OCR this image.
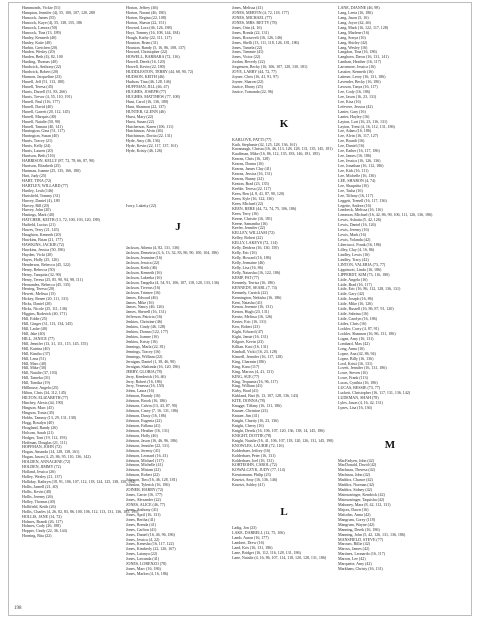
Hammonds, Vickie (51)
Hampton, Jennifer (4), 55, 100, 107, 120, 280
Hancock, James (55)
Hancock, Kaye (4), 55, 138, 155, 186
Hancock, Lenora (50)
Hancock, Tina (13, 189)
Hanley, Kenneth (40)
Hanley, Katie (40)
Harbin, Gretchen (20)
Harden, Wesley (20)
Harden, Beth (4), 82, 100
Harding, Thomas (40)
Hardwick, Anthony (22)
Hardwick, Robert (20)
Harmon, Jacqueline (23)
Harrell, Jeff (51, 113, 180)
Harrell, Teresa (45)
Harris, Darrell (51, 83, 266)
Harris, Trevor (4, 55, 110, 191)
Harrell, Paul (116, 177)
Harrell, David (40)
Harrell, Garrett (20, 112, 145)
Harrell, Marquis (40)
Harrell, Natalie (50, 90)
Harrell, Tamara (40, 141)
Harrington, Gina (51, 117)
Harrington, Susan (40)
Harris, Tracey (21)
Harris, Kelly (24)
Harris, Lauren (20)
Harrison, Beth (116)
HARRISON, KELLY (87, 72, 78, 66, 87, 90)
Harrison, Elizabeth (25)
Hartman, Joanne (25, 135, 166, 180)
Hart, Judy (25)
HART, TINA (72)
HARTLEY, WILLARD (77)
Hartley, Leah (146)
Hartsfield, Tommy (31)
Harvey, Daniel (4), 180
Harvey, Bill (20)
Harvey, John (20)
Hastings, Mark (40)
HATCHER, KEITH (13, 72, 100, 103, 120, 188)
Hatfield, Lucius (21)
Hawes, Terry (21, 145)
Haughton, Kenneth (20)
Hawkins, Brian (21, 177)
HAWKINS, JACKIE (72)
Hawkins, Jessica (50, 186)
Hayden, Vicki (20)
Hayes, Holly (25, 126)
Henderson, Rebecca (45, 122)
Henry, Rebecca (50)
Henry, Tanquita (32, 90)
Henry, Teresa (25, 85, 90, 94, 98, 111)
Hernandez, Rebecca (45, 135)
Herring, Teresa (20)
Hewett, Melissa (15)
Hickey, Renee (20, 111, 131)
Hicks, Daniel (20)
Hicks, Nicole (25, 111, 136)
Higgins, Roderick (40, 171)
Hill, Eddie (25)
Hill, Ginger (31, 113, 134, 145)
Hill, Lashe (40)
Hill, Jake (40)
HILL, JANICE (77)
Hill, Jennifer (13, 31, 111, 115, 145, 155)
Hill, Katrina (40)
Hill, Kimiko (37)
Hill, Lena (51)
Hill, Marc (40)
Hill, Mike (30)
Hill, Natalie (37, 103)
Hill, Tameka (31)
Hill, Tomika (19)
Hillhouse, Angela (25)
Hilton, Chris (34, 112, 145)
HILTON, ELIZABETH (77)
Hinchey, Alexis (44, 190)
Hingson, Marc (45)
Hingson, Tonia (45)
Hobbs, Tammy (13, 29, 131, 138)
Hogg, Rosalyn (40)
Hoagland, Randy (26)
Holcom, Sarah (21)
Hodges, Toni (19, 112, 193)
Hoffman, Douglas (21, 111)
HOFFMAN, JOHN (72)
Hogan, Amanda (14, 128, 138, 161)
Hogan, Jason (4, 25, 86, 95, 110, 136, 142)
HOLDEN, ANNAGENE (72)
HOLDEN, JIMMY (72)
Holland, Jessica (26)
Holley, Wesley (21, 137)
Holliday, Kathryn (18, 91, 106, 107, 112, 118, 124, 125, 138, 150, 194)
Hollis, Jarnell (21, 40)
Hollis, Kevin (40)
Hollis, Jeremy (26)
Holley, Thomas (40)
Hollifield, Keith (26)
Hollis, Charles (4, 26, 82, 83, 86, 100, 106, 112, 113, 131, 136, 185, 195)
HOLLIS, JANE (14, 72)
Holmes, Brandi (26, 117)
Holmes, Cody (26, 188)
Hopper, Cindy (22, 36, 144)
Horning, Rita (22)
Horton, Jeffrey (46)
Horton, Naomi (46, 180)
Horton, Regina (22, 108)
Horton, Shawn (22, 151)
Howard, Lora (46, 126, 188)
Hoyt, Tommy (16, 108, 144, 184)
Hough, Kathy (22, 111, 117)
Houston, Brian (31)
Houston, Randy (5, 16, 86, 108, 137)
Howard, Christopher (22)
HOWELL, BARBARA (72, 116)
Howell, Derek (16, 120)
Howell, Kevin (22, 180)
HUDDLESTON, TERRY (44, 68, 90, 72)
HUDSON, KEITH (46)
Hudson, Tina (46, 128, 146)
HUFFMAN, JILL (46, 47)
HUGHES, JOSEPH (77)
HUGHES, MATTHEW (77, 108)
Hunt, Carol (16, 136, 180)
Hunt, Shannon (22, 137)
HUNTER, GLENN (46)
Hurst, Mary (22)
Hurst, Susan (22)
Hutcherson, Karen (106, 111)
Hutchinson, Alvin (46)
Hutchinson, Dorita (22, 131)
Hyde, Amy (46, 136)
Hyde, Kevin (22, 117, 137, 161)
Hyde, Kristy (46, 126)
Ivory, Lakeity (22)
J
Jackson, Athena (4, 82, 131, 136)
Jackson, Demetria (4, 6, 13, 32, 83, 86, 90, 100, 104, 186)
Jackson, Jeannine (16)
Jackson, Jessica (22)
Jackson, Keith (46)
Jackson, Kenneth (16)
Jackson, Lakeeka (16)
Jackson, Tangelia (4, 54, 91, 106, 107, 118, 120, 133, 136)
Jackson, Tiverus (16)
Jackson, Trinnee (16)
James, Edward (46)
James, Mike (16)
James, Nancy (46, 126)
James, Sherrell (16, 131)
Jefferson, Patricia (16)
Jenkins, Christine (46)
Jenkins, Cindy (46, 128)
Jenkins, Donna (122, 177)
Jenkins, Joanne (16)
Jenkins, Kristy (16)
Jennings, Marla (22, 81)
Jennings, Tracey (16)
Jennings, William (22)
Jernigan, Daniel (1, 38, 46, 90)
Jernigan, Shalonda (16, 120, 186)
JERRY, GLORIA (78)
Jerry, Kenderick (16, 46)
Jerry, Robert (16, 186)
Jerry, Venessa (16, 150)
Johns, Laura (16)
Johnson, Brandy (16)
Johnson, Brook (16, 186)
Johnson, Calvin (13, 43, 87, 90)
Johnson, Casey (7, 16, 131, 186)
Johnson, Dusty (16, 186)
Johnson, Eugenia (22)
Johnson, Fallana (41)
Johnson, Heather (16, 131)
Johnson, Holly (46)
Johnson, Jason (16, 46, 96, 186)
Johnson, Jennifer (22, 131)
Johnson, Jeremy (41)
Johnson, Leonard (16, 41)
Johnson, Michael (117)
Johnson, Michelle (41)
Johnson, Miriam (22)
Johnson, Robert (22)
Johnson, Tim (16, 46, 128, 181)
Johnson, Tylerick (16, 186)
JOINER, HARRY (72)
Jones, Carrie (16, 177)
Jones, Alexander (22)
JONES, ALICE (46, 77)
Jones, Anthony (41)
Jones, April (16, 131)
Jones, Bertha (41)
Jones, Brenda (41)
Jones, Carlton (41)
Jones, Daniel (16, 46, 96, 186)
Jones, Jessica (4, 22)
Jones, Kenesha (16, 117, 122)
Jones, Kimberly (22, 126, 167)
Jones, Latanya (22)
Jones, Lawanda (41)
JONES, LORENZO (78)
Jones, Marc (16, 186)
Jones, Marlon (4, 16, 186)
Jones, Melissa (41)
JONES, MERVIN (4, 72, 118, 177)
JONES, MICHAEL (77)
JONES, MRS. BETTY (78)
Jones, Orin (4, 16)
Jones, Ronda (22, 131)
Jones, Roosevelt (16, 126, 146)
Jones, Shelli (13, 111, 118, 126, 181, 186)
Jones, Tamela (22)
Jones, Tammie (41)
Jones, Victor (22)
Jordan, Beverly (22)
Jorgensen, Becky (16, 106, 107, 120, 130, 181)
JOYE, LARRY (44, 72, 77)
Joyner, Chris (16, 41, 91, 97)
Joyner, Sharon (22)
Justice, Ebony (25)
Justice, Tomanda (22, 96)
K
KARLOVE, PATTI (77)
Kath, Stephanie (42, 125, 128, 136, 161)
Kavanaugh, Christa (16, 46, 113, 128, 128, 131, 135, 145, 181)
Kauffman, Mike (16, 86, 112, 135, 183, 146, 181, 185)
Kearns, Chris (16, 128)
Kearns, Donna (16)
Kearns, James Clay (41)
Kearns, Jessica (16, 131)
Kearns, Bunny (22)
Keaton, Brad (23, 135)
Keeble, Teresa (22, 117)
Keen, Ben (4, 8, 41, 87, 90, 120)
Keen, Kyle (16, 122, 136)
Keen, Michael (22)
KEEN, REBE (44, 72, 74, 75, 106, 186)
Keen, Terry (16)
Keene, Christie (16, 181)
Keene, Samantha (16)
Keefer, Jennifer (22)
KELLEY, WILLIAM (72)
Kelley, Robert (22)
KELLY, LAKEYS (72, 114)
Kelly, Deidrea (16, 130, 150)
Kelly, Eric (16)
Kelly, Howard (16, 186)
Kelly, Jermaine (46)
Kelly, Lisa (16, 86)
Kelly, Natarsha (16, 122, 186)
KEMP, PAT (77)
Kennedy, Terrisa (16, 186)
KENNEDY, SEARL (7, 74)
Kennedy, Carrick (22)
Kennington, Nekisha (16, 186)
Kent, Natasha (41)
Kenon, Jeremie (16, 131)
Kenon, Hugh (23, 131)
Kerrin, Melissa (16, 126)
Kester, Eric (16, 131)
Kerr, Robert (23)
Kight, Edward (47)
Kight, Jamie (16, 131)
Kilgore, Kevin (23)
Killian, Kaci (16, 131)
Kimball, Vicki (16, 23, 128)
Kimrell, Jennifer (16, 117, 128)
King, Charmin (186)
King, Kara (117)
King, Marcus (4, 41, 131)
KING, SUE (77)
King, Tequania (16, 96, 117)
King, William (41)
Kirby, Brad (41)
Kirkland, Bart (6, 13, 107, 128, 136, 143)
KITE, DONNA (78)
Knagge, Tiffany (16, 131, 186)
Knauer, Christine (23)
Knauer, Jim (41)
Knight, Charity (16, 23, 136)
Knight, Cherry (16)
Knight, Derrik (16, 106, 107, 120, 136, 138, 14, 145, 186)
KNIGHT, DOTTIE (78)
Knight, Natalie (16, 41, 106, 107, 118, 120, 126, 131, 145, 190)
KNOWLES, LAURIE (72, 116)
Kolderbaer, Jeffrey (16)
Kolderbaer, Peter (16, 131)
Kolderbaer, Joel (16, 131)
KORTEOHN, CAROL (72)
KOWALCZYK, JUDY (77, 114)
Kreutzmann, Philip (23)
Kruetzi, Amy (16, 136, 146)
Kruetzi, Ashley (41)
L
Ladig, Jon (23)
LAKE, DARRELL (12, 75, 106)
Lamb, Aaron (16, 177)
Lambert, Drew (16)
Land, Kris (16, 131, 186)
Lane, Bridget (16, 112, 116, 128, 131, 186)
Lane, Natalie (4, 16, 86, 107, 114, 118, 120, 128, 131, 186)
LANE, DIANNE (46, 98)
Lang, Leeta (16, 186)
Lang, Jason (5, 16)
Lang, Joyce (42, 46)
Lang, Mark (16, 122, 117, 128)
Lang, Marlene (16)
Lang, Sonya (16)
Lang, Shirley (42)
Lang, Wesley (16)
Langdon, Tina (16, 186)
Langhorn, Dawn (16, 131, 141)
Lanthan, Heather (16, 117)
Larramore, Jessica (16)
Lassiter, Kenneth (16)
Latimer, Leroy (16, 131, 186)
Lavender, Becky (16, 186)
Lawson, Tanya (16, 117)
Lee, Cody (16, 186)
Lee, Jason (16, 23, 131)
Lee, Kisa (16)
Lefevere, Jessica (42)
Lanier, Gary (16)
Lanier, Hayley (16)
Layton, Lori (16, 23, 116, 131)
Layton, Trent (4, 16, 112, 131, 186)
Lee, Adam (16, 186)
Lee, Alvin (16, 117, 127)
Lee, Brandi (16)
Lee, Daniel (16)
Lee, Eather (16, 117, 186)
Lee, James (16, 186)
Lee, Jessica (16, 126, 136)
Lee, Jonathan (16, 112, 186)
Lee, Kirk (16, 111)
Lee, Michelle (16, 136)
LEE, SHARON (4, 74)
Lee, Shaquitta (16)
Lee, Tasha (16)
Lee, Tiffany (16, 117)
Leggett, Trenell (16, 117, 136)
Legette, Andrea (16)
Lembeck, Melissa (16, 116)
Lemmon, Michael (16, 42, 86, 90, 106, 111, 126, 136, 186)
Lewis, Ashatta (5, 42, 126)
Lewis, Daniel (16, 126)
Lewis, Jeremy (16)
Lewis, Mark (16)
Lewis, Yolanda (42)
Libertucci, Frank (16, 186)
Lilley, Clay (4, 16, 86)
Lindley, Lewis (16)
Lindley, Tracy (42)
LINTON, VALERIA (73, 77)
Lippincott, Linda (16, 186)
LIPPERDT, KIM (73, 116, 180)
Little, Angela (16)
Little, Brad (16, 117)
Little, Eric (16, 86, 112, 128, 136, 131)
Little, Gary (42)
Little, Joseph (16, 86)
Little, Mike (16, 126)
Little, Russell (16, 86, 87, 91, 120)
Little, Sabrina (16)
Little, Carolyn (16, 186)
Littles, Chris (16)
Lockler, Corry (4, 87, 91)
Lockler, Shannon (16, 86, 131, 186)
Logan, Amy (16, 131)
Lombard, Max (42)
Long, Anna (16)
Lopez, Ana (42, 86, 94)
Lopez, Billy (16, 136)
Lord, Kristi (16, 131)
Lovett, Jennifer (16, 131, 186)
Lowe, Steven (16)
Lowe, Frank (113)
Lucas, Cynthia (16, 186)
LUCAS, BESSIE (73, 77)
Luckett, Christopher (16, 117, 131, 136, 142)
LUDEMAN, SHAH (78)
Lyles, Jason (4, 16, 42, 131)
Lynes, Lisa (16, 136)
M
MacFadyen, John (42)
MacDonald, David (42)
Machnau, Theresa (42)
Machnau, John (42)
Maddox, Chance (42)
Maddox, Norman (42)
Maddox, Sidney (42)
Mainwaringer, Kendrick (42)
Mainwaringer, Taquisha (42)
Mahoney, Mara (8, 42, 112, 131)
Majors, Dawn (16)
Malcolm, Anna (42)
Mangrum, Corey (118)
Mangrum, Wayne (42)
Manning, Derek (16, 186)
Manning, John (5, 42, 126, 131, 136, 186)
MANSFIELD, STEVE (77)
Marcum, Billie (42)
Marcus, James (42)
Martinez, Leonardo (16, 117)
Marron, Lee (42)
Marquette, Amy (42)
Markham, Christy (16, 131)
198
